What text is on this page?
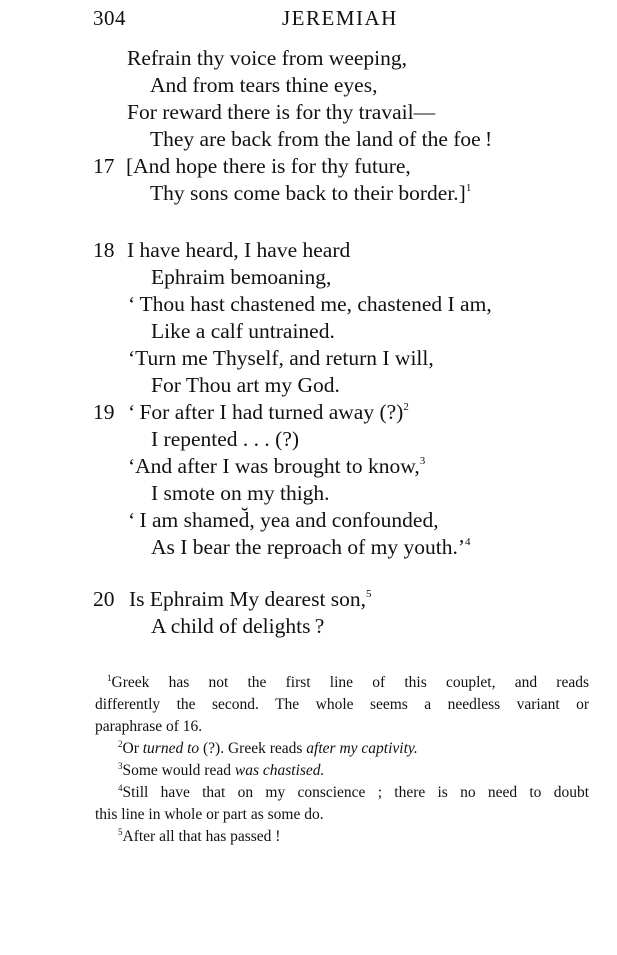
304	JEREMIAH
Refrain thy voice from weeping,
And from tears thine eyes,
For reward there is for thy travail—
They are back from the land of the foe !
17 [And hope there is for thy future,
Thy sons come back to their border.]$^1$
18 I have heard, I have heard
Ephraim bemoaning,
‘ Thou hast chastened me, chastened I am,
Like a calf untrained.
‘Turn me Thyself, and return I will,
For Thou art my God.
19 ‘ For after I had turned away (?)$^2$
I repented . . . (?)
‘And after I was brought to know,$^3$
I smote on my thigh.
‘ I am shamed̆, yea and confounded,
As I bear the reproach of my youth.’$^4$
20 Is Ephraim My dearest son,$^5$
A child of delights ?
$^1$Greek has not the first line of this couplet, and reads
differently the second. The whole seems a needless variant or
paraphrase of 16.
$^2$Or turned to (?). Greek reads after my captivity.
$^3$Some would read was chastised.
$^4$Still have that on my conscience ; there is no need to doubt
this line in whole or part as some do.
$^5$After all that has passed !
